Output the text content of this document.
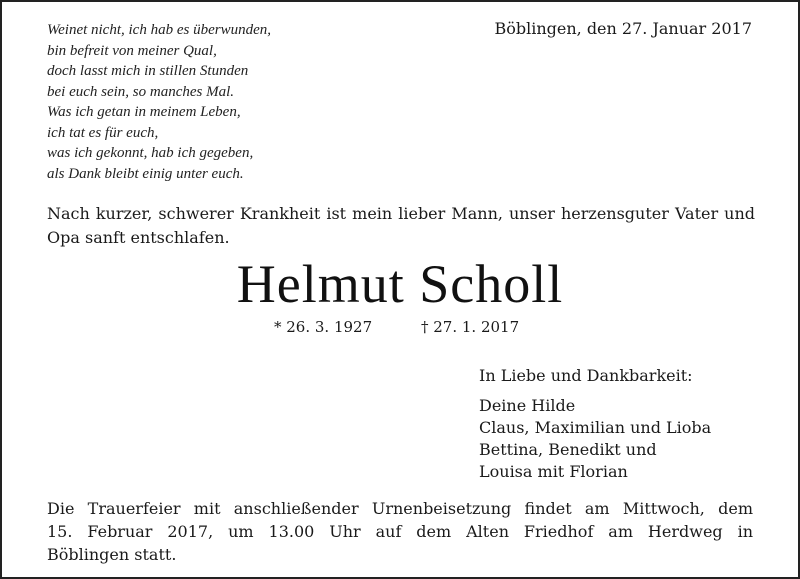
Weinet nicht, ich hab es überwunden,
bin befreit von meiner Qual,
doch lasst mich in stillen Stunden
bei euch sein, so manches Mal.
Was ich getan in meinem Leben,
ich tat es für euch,
was ich gekonnt, hab ich gegeben,
als Dank bleibt einig unter euch.
Böblingen, den 27. Januar 2017
Nach kurzer, schwerer Krankheit ist mein lieber Mann, unser herzensguter Vater und Opa sanft entschlafen.
Helmut Scholl
* 26. 3. 1927	† 27. 1. 2017
In Liebe und Dankbarkeit:
Deine Hilde
Claus, Maximilian und Lioba
Bettina, Benedikt und
Louisa mit Florian
Die Trauerfeier mit anschließender Urnenbeisetzung findet am Mittwoch, dem
15. Februar 2017, um 13.00 Uhr auf dem Alten Friedhof am Herdweg in
Böblingen statt.
